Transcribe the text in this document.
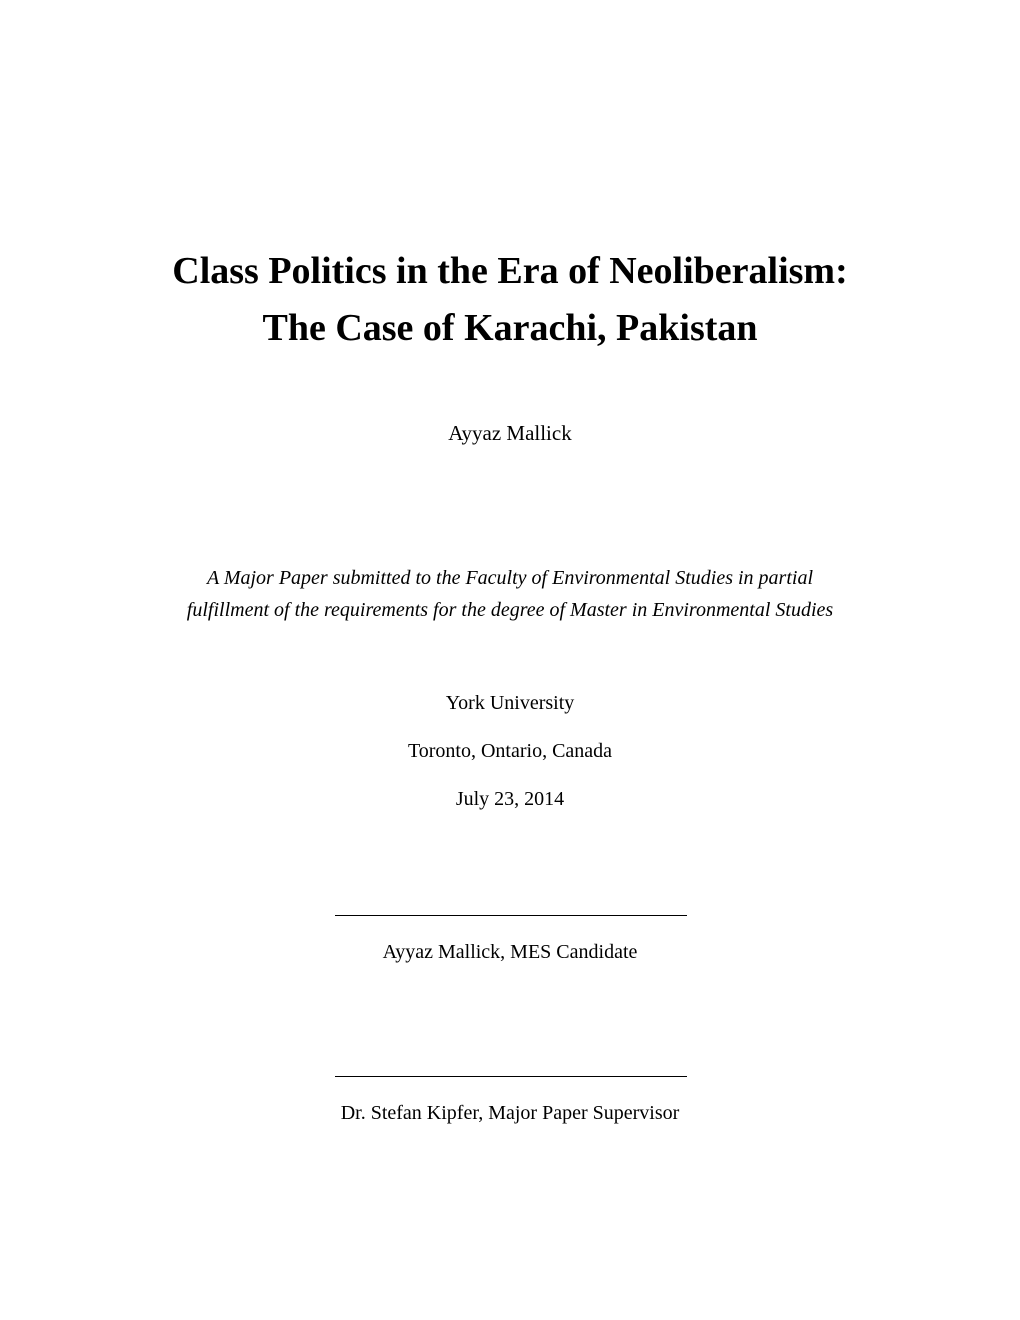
Class Politics in the Era of Neoliberalism:
The Case of Karachi, Pakistan
Ayyaz Mallick
A Major Paper submitted to the Faculty of Environmental Studies in partial
fulfillment of the requirements for the degree of Master in Environmental Studies
York University
Toronto, Ontario, Canada
July 23, 2014
Ayyaz Mallick, MES Candidate
Dr. Stefan Kipfer, Major Paper Supervisor
